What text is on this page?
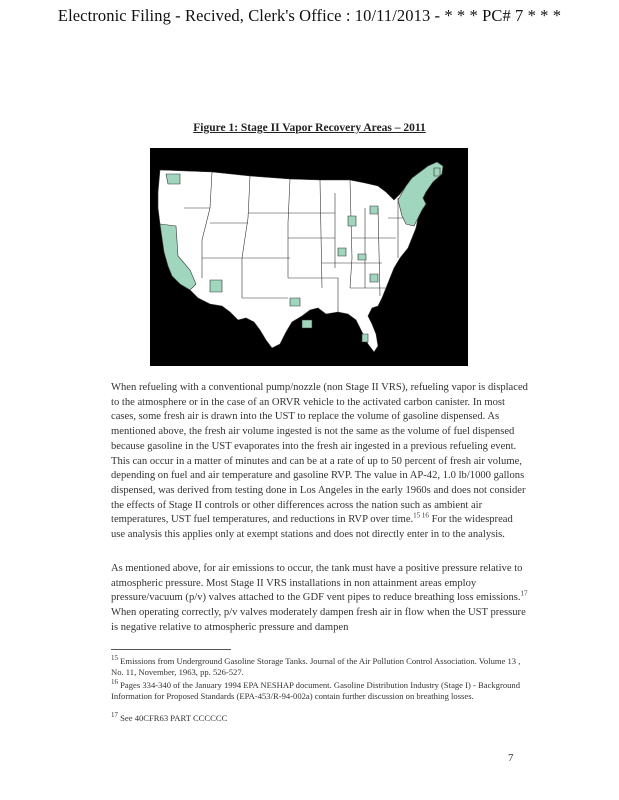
Electronic Filing - Recived, Clerk's Office : 10/11/2013 - * * * PC# 7 * * *
Figure 1: Stage II Vapor Recovery Areas – 2011

When refueling with a conventional pump/nozzle (non Stage II VRS), refueling vapor is displaced to the atmosphere or in the case of an ORVR vehicle to the activated carbon canister. In most cases, some fresh air is drawn into the UST to replace the volume of gasoline dispensed. As mentioned above, the fresh air volume ingested is not the same as the volume of fuel dispensed because gasoline in the UST evaporates into the fresh air ingested in a previous refueling event. This can occur in a matter of minutes and can be at a rate of up to 50 percent of fresh air volume, depending on fuel and air temperature and gasoline RVP. The value in AP-42, 1.0 lb/1000 gallons dispensed, was derived from testing done in Los Angeles in the early 1960s and does not consider the effects of Stage II controls or other differences across the nation such as ambient air temperatures, UST fuel temperatures, and reductions in RVP over time.$^{15 16}$ For the widespread use analysis this applies only at exempt stations and does not directly enter in to the analysis.

As mentioned above, for air emissions to occur, the tank must have a positive pressure relative to atmospheric pressure. Most Stage II VRS installations in non attainment areas employ pressure/vacuum (p/v) valves attached to the GDF vent pipes to reduce breathing loss emissions.$^{17}$ When operating correctly, p/v valves moderately dampen fresh air in flow when the UST pressure is negative relative to atmospheric pressure and dampen

$^{15}$ Emissions from Underground Gasoline Storage Tanks. Journal of the Air Pollution Control Association. Volume 13 , No. 11, November, 1963, pp. 526-527.

$^{16}$ Pages 334-340 of the January 1994 EPA NESHAP document. Gasoline Distribution Industry (Stage I) - Background Information for Proposed Standards (EPA-453/R-94-002a) contain further discussion on breathing losses.

$^{17}$ See 40CFR63 PART CCCCCC

7
